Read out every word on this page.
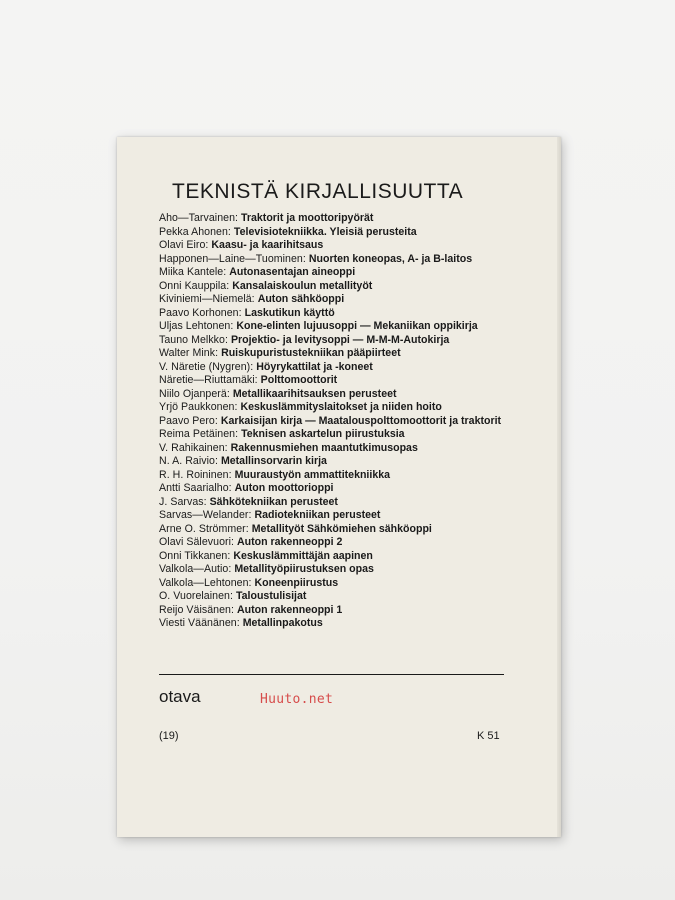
TEKNISTÄ KIRJALLISUUTTA
Aho—Tarvainen: Traktorit ja moottoripyörät
Pekka Ahonen: Televisiotekniikka. Yleisiä perusteita
Olavi Eiro: Kaasu- ja kaarihitsaus
Happonen—Laine—Tuominen: Nuorten koneopas, A- ja B-laitos
Miika Kantele: Autonasentajan aineoppi
Onni Kauppila: Kansalaiskoulun metallityöt
Kiviniemi—Niemelä: Auton sähköoppi
Paavo Korhonen: Laskutikun käyttö
Uljas Lehtonen: Kone-elinten lujuusoppi — Mekaniikan oppikirja
Tauno Melkko: Projektio- ja levitysoppi — M-M-M-Autokirja
Walter Mink: Ruiskupuristustekniikan pääpiirteet
V. Näretie (Nygren): Höyrykattilat ja -koneet
Näretie—Riuttamäki: Polttomoottorit
Niilo Ojanperä: Metallikaarihitsauksen perusteet
Yrjö Paukkonen: Keskuslämmityslaitokset ja niiden hoito
Paavo Pero: Karkaisijan kirja — Maatalouspolttomoottorit ja traktorit
Reima Petäinen: Teknisen askartelun piirustuksia
V. Rahikainen: Rakennusmiehen maantutkimusopas
N. A. Raivio: Metallinsorvarin kirja
R. H. Roininen: Muuraustyön ammattitekniikka
Antti Saarialho: Auton moottorioppi
J. Sarvas: Sähkötekniikan perusteet
Sarvas—Welander: Radiotekniikan perusteet
Arne O. Strömmer: Metallityöt Sähkömiehen sähköoppi
Olavi Sälevuori: Auton rakenneoppi 2
Onni Tikkanen: Keskuslämmittäjän aapinen
Valkola—Autio: Metallityöpiirustuksen opas
Valkola—Lehtonen: Koneenpiirustus
O. Vuorelainen: Taloustulisijat
Reijo Väisänen: Auton rakenneoppi 1
Viesti Väänänen: Metallinpakotus
otava
(19)	K 51
Huuto.net
